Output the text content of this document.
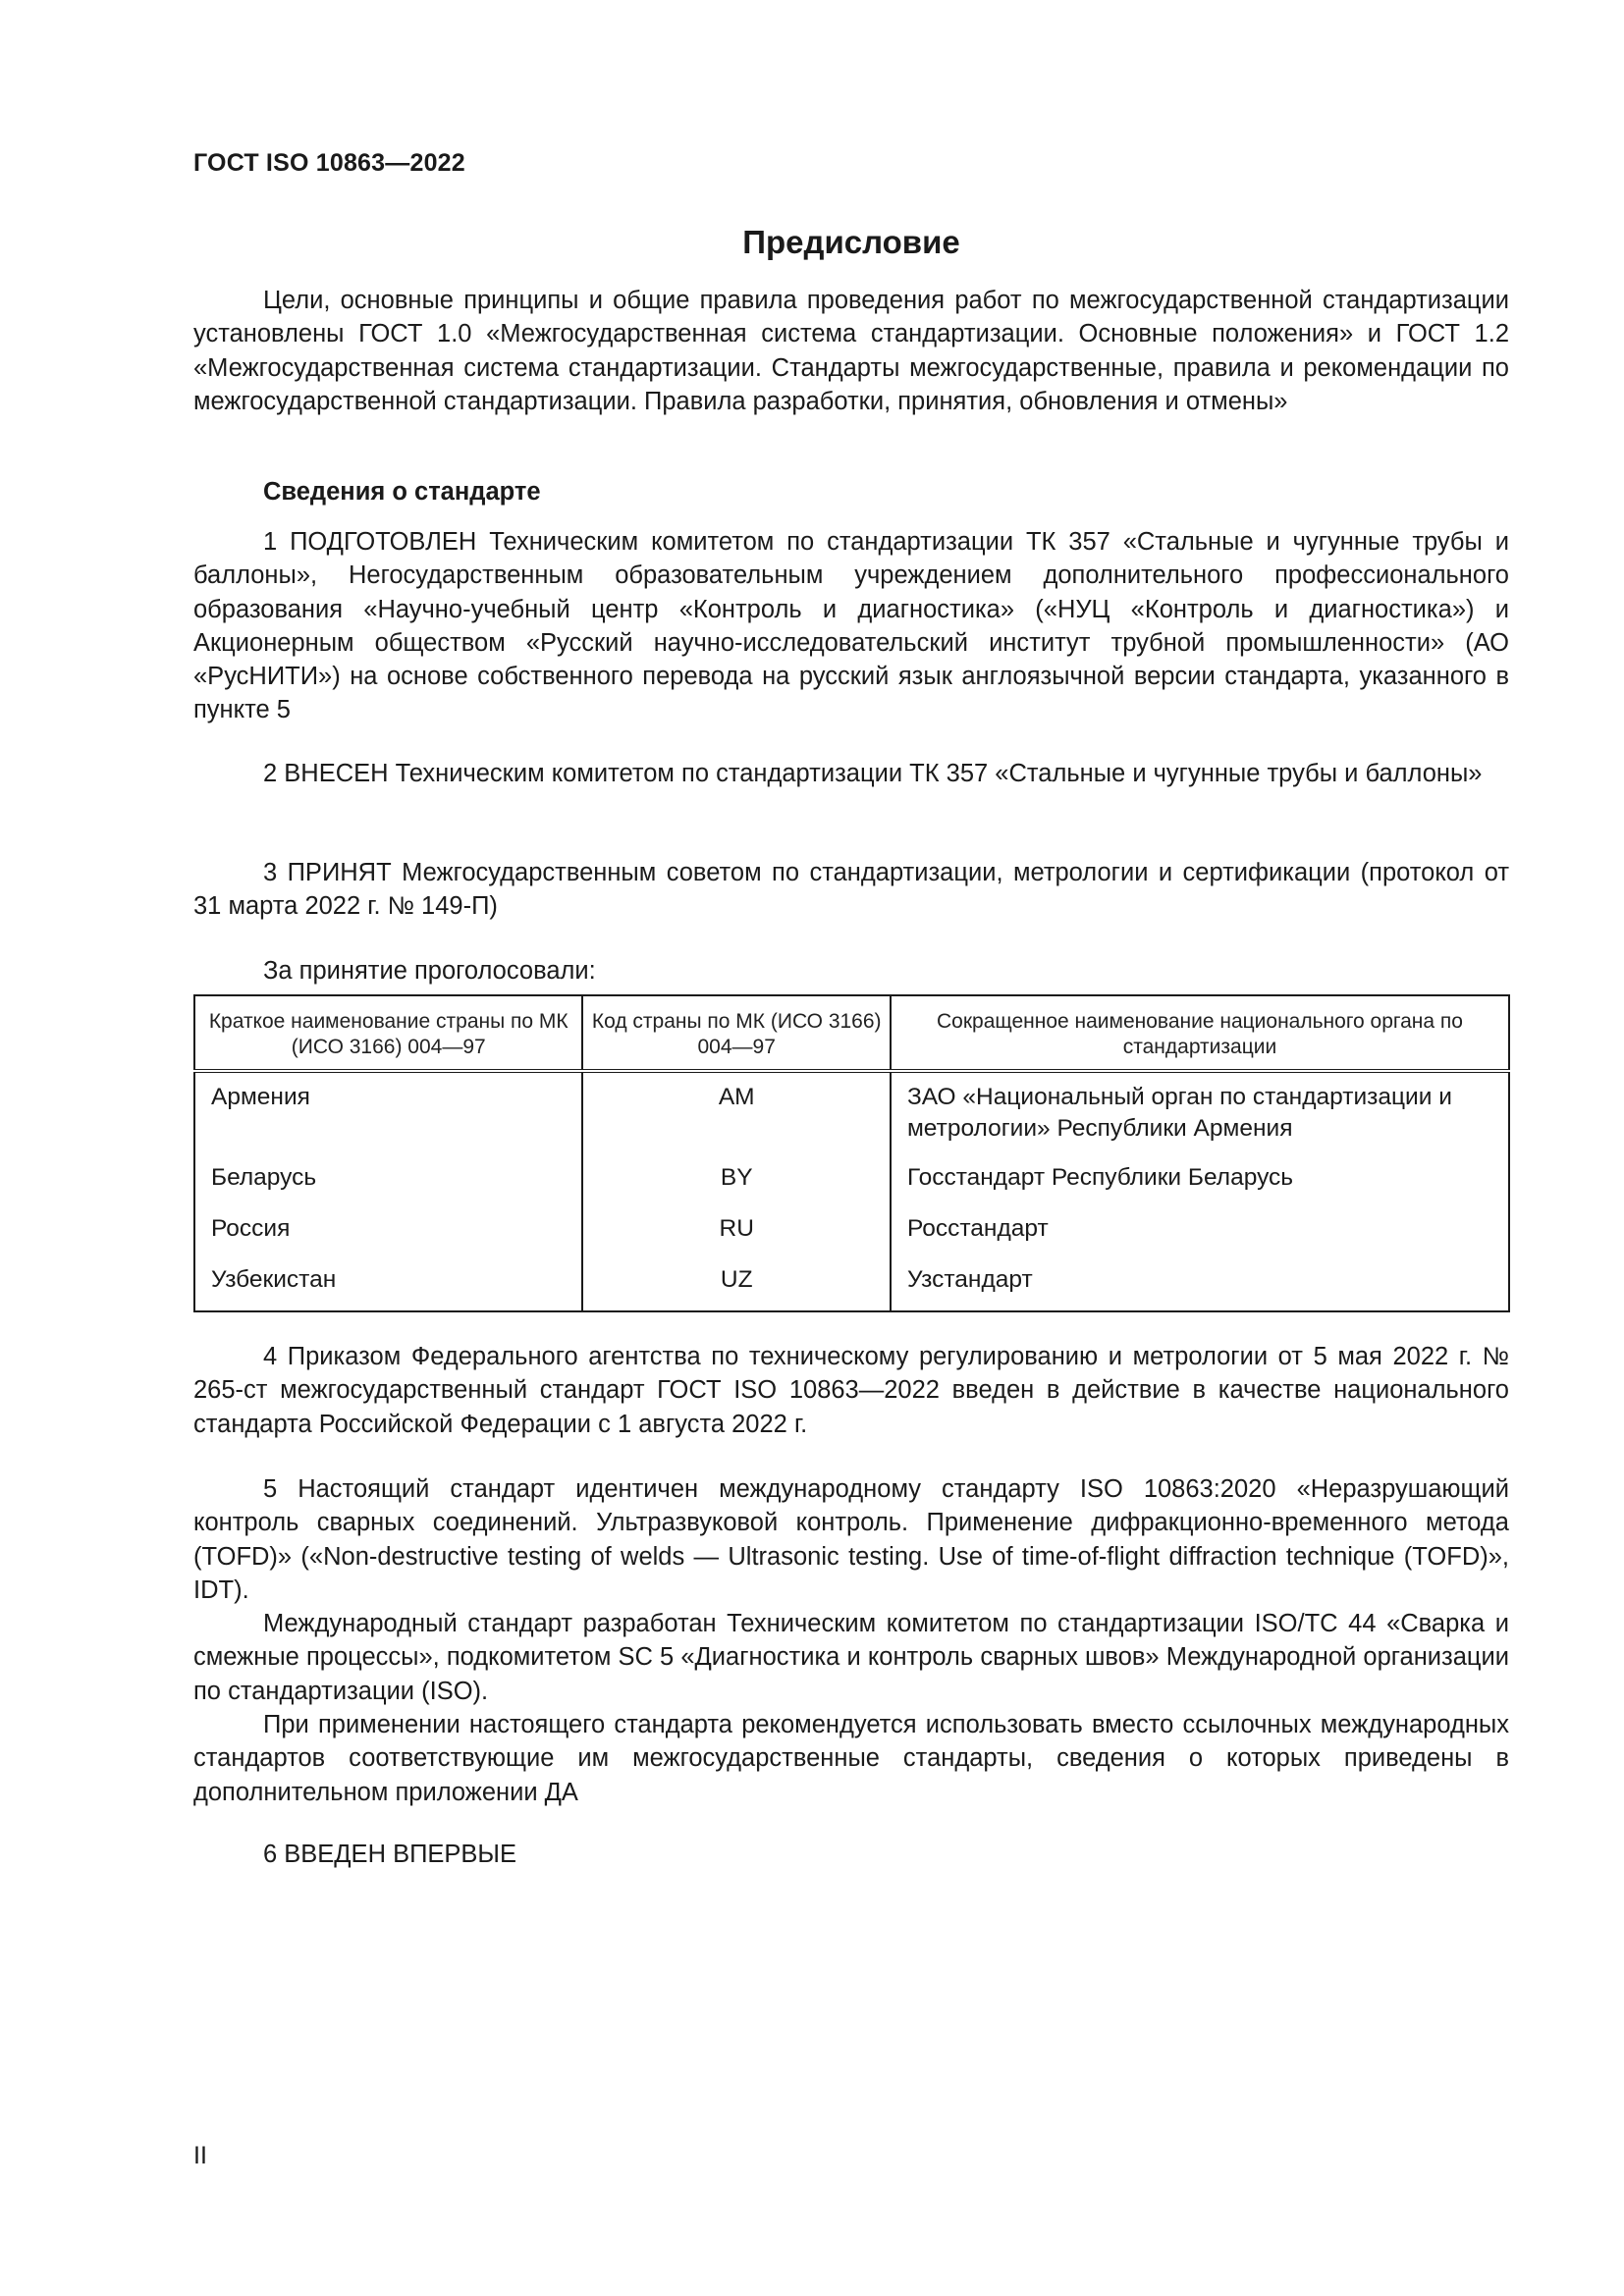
ГОСТ ISO 10863—2022
Предисловие

Цели, основные принципы и общие правила проведения работ по межгосударственной стандартизации установлены ГОСТ 1.0 «Межгосударственная система стандартизации. Основные положения» и ГОСТ 1.2 «Межгосударственная система стандартизации. Стандарты межгосударственные, правила и рекомендации по межгосударственной стандартизации. Правила разработки, принятия, обновления и отмены»

Сведения о стандарте

1 ПОДГОТОВЛЕН Техническим комитетом по стандартизации ТК 357 «Стальные и чугунные трубы и баллоны», Негосударственным образовательным учреждением дополнительного профессионального образования «Научно-учебный центр «Контроль и диагностика» («НУЦ «Контроль и диагностика») и Акционерным обществом «Русский научно-исследовательский институт трубной промышленности» (АО «РусНИТИ») на основе собственного перевода на русский язык англоязычной версии стандарта, указанного в пункте 5

2 ВНЕСЕН Техническим комитетом по стандартизации ТК 357 «Стальные и чугунные трубы и баллоны»

3 ПРИНЯТ Межгосударственным советом по стандартизации, метрологии и сертификации (протокол от 31 марта 2022 г. № 149-П)

За принятие проголосовали:

Краткое наименование страны по МК (ИСО 3166) 004—97	Код страны по МК (ИСО 3166) 004—97	Сокращенное наименование национального органа по стандартизации
Армения	AM	ЗАО «Национальный орган по стандартизации и метрологии» Республики Армения
Беларусь	BY	Госстандарт Республики Беларусь
Россия	RU	Росстандарт
Узбекистан	UZ	Узстандарт

4 Приказом Федерального агентства по техническому регулированию и метрологии от 5 мая 2022 г. № 265-ст межгосударственный стандарт ГОСТ ISO 10863—2022 введен в действие в качестве национального стандарта Российской Федерации с 1 августа 2022 г.

5 Настоящий стандарт идентичен международному стандарту ISO 10863:2020 «Неразрушающий контроль сварных соединений. Ультразвуковой контроль. Применение дифракционно-временного метода (TOFD)» («Non-destructive testing of welds — Ultrasonic testing. Use of time-of-flight diffraction technique (TOFD)», IDT).

Международный стандарт разработан Техническим комитетом по стандартизации ISO/TC 44 «Сварка и смежные процессы», подкомитетом SC 5 «Диагностика и контроль сварных швов» Международной организации по стандартизации (ISO).

При применении настоящего стандарта рекомендуется использовать вместо ссылочных международных стандартов соответствующие им межгосударственные стандарты, сведения о которых приведены в дополнительном приложении ДА

6 ВВЕДЕН ВПЕРВЫЕ

II
